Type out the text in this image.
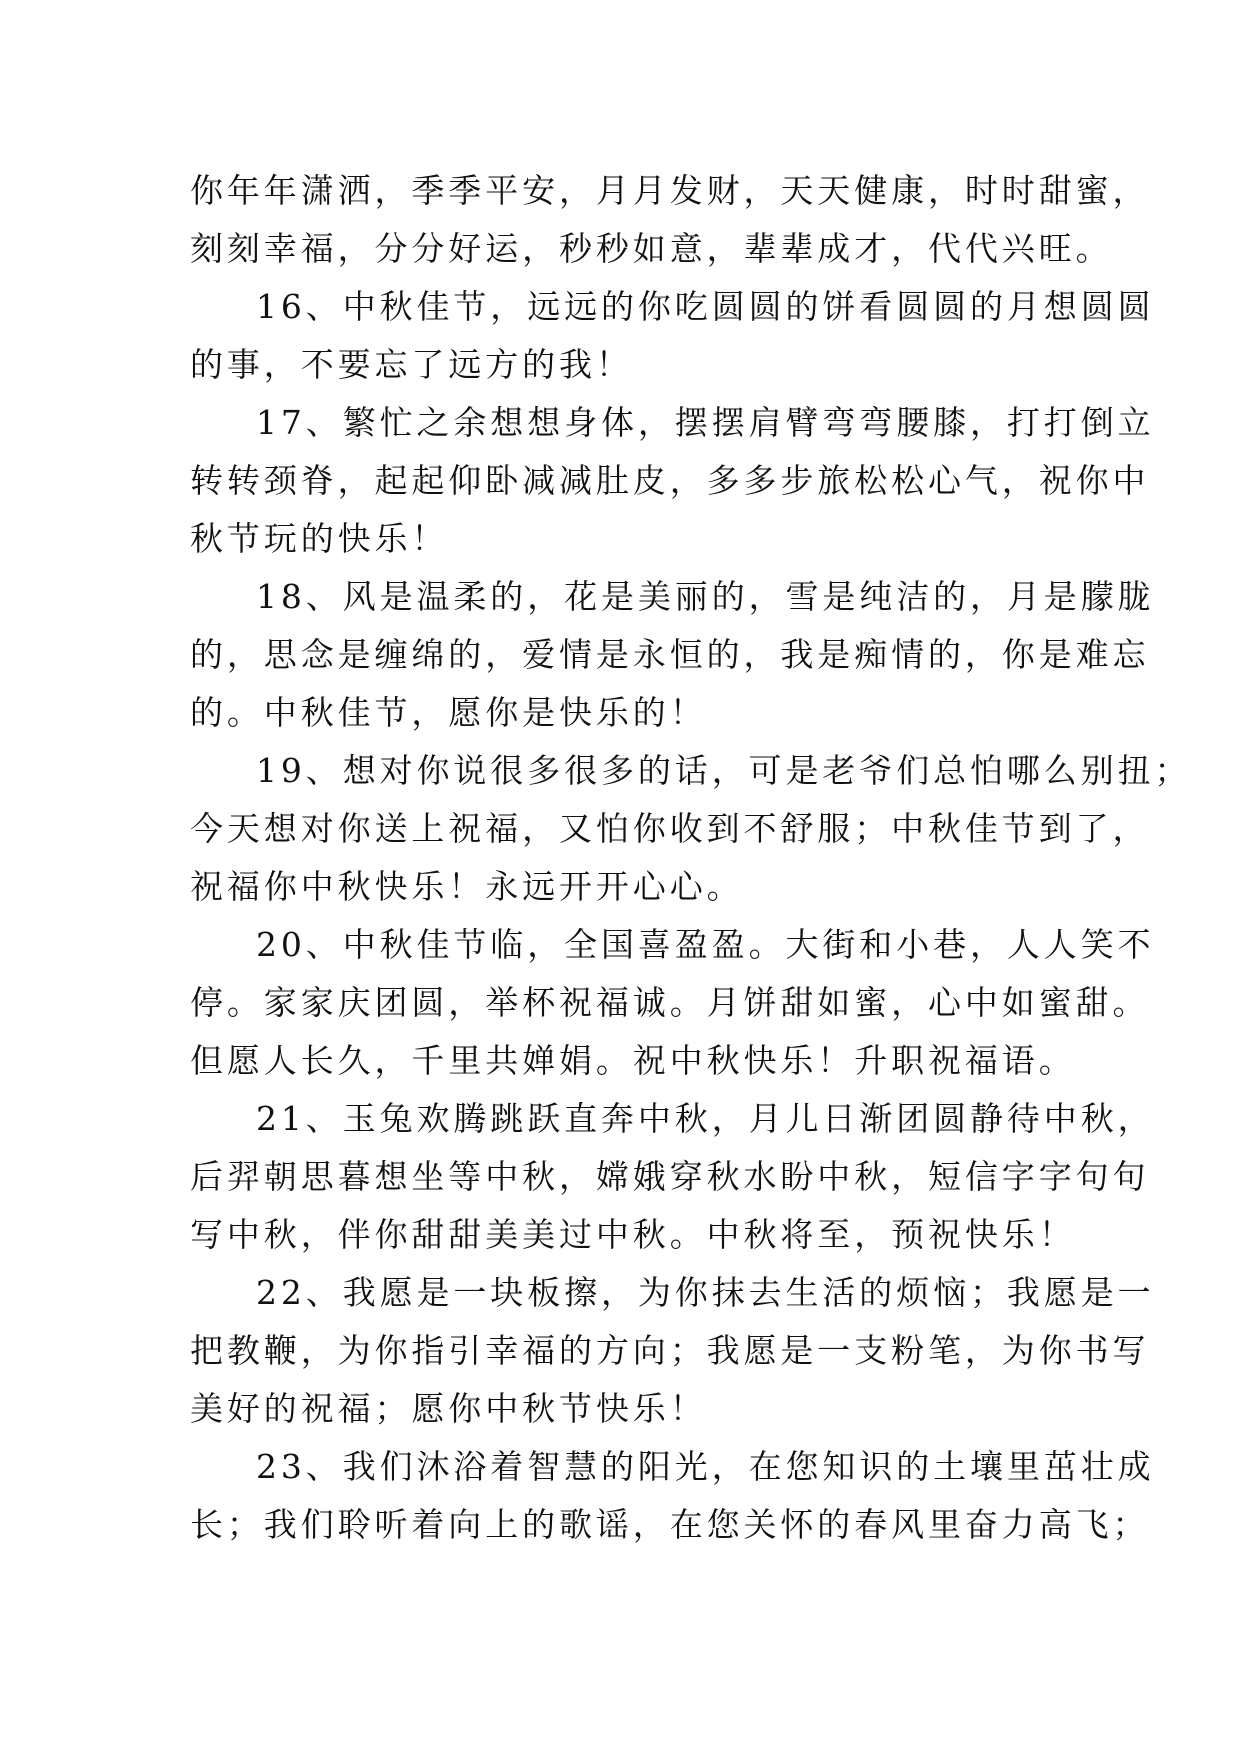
你年年潇洒，季季平安，月月发财，天天健康，时时甜蜜，
刻刻幸福，分分好运，秒秒如意，辈辈成才，代代兴旺。
16、中秋佳节，远远的你吃圆圆的饼看圆圆的月想圆圆
的事，不要忘了远方的我！
17、繁忙之余想想身体，摆摆肩臂弯弯腰膝，打打倒立
转转颈脊，起起仰卧减减肚皮，多多步旅松松心气，祝你中
秋节玩的快乐！
18、风是温柔的，花是美丽的，雪是纯洁的，月是朦胧
的，思念是缠绵的，爱情是永恒的，我是痴情的，你是难忘
的。中秋佳节，愿你是快乐的！
19、想对你说很多很多的话，可是老爷们总怕哪么别扭；
今天想对你送上祝福，又怕你收到不舒服；中秋佳节到了，
祝福你中秋快乐！永远开开心心。
20、中秋佳节临，全国喜盈盈。大街和小巷，人人笑不
停。家家庆团圆，举杯祝福诚。月饼甜如蜜，心中如蜜甜。
但愿人长久，千里共婵娟。祝中秋快乐！升职祝福语。
21、玉兔欢腾跳跃直奔中秋，月儿日渐团圆静待中秋，
后羿朝思暮想坐等中秋，嫦娥穿秋水盼中秋，短信字字句句
写中秋，伴你甜甜美美过中秋。中秋将至，预祝快乐！
22、我愿是一块板擦，为你抹去生活的烦恼；我愿是一
把教鞭，为你指引幸福的方向；我愿是一支粉笔，为你书写
美好的祝福；愿你中秋节快乐！
23、我们沐浴着智慧的阳光，在您知识的土壤里茁壮成
长；我们聆听着向上的歌谣，在您关怀的春风里奋力高飞；
